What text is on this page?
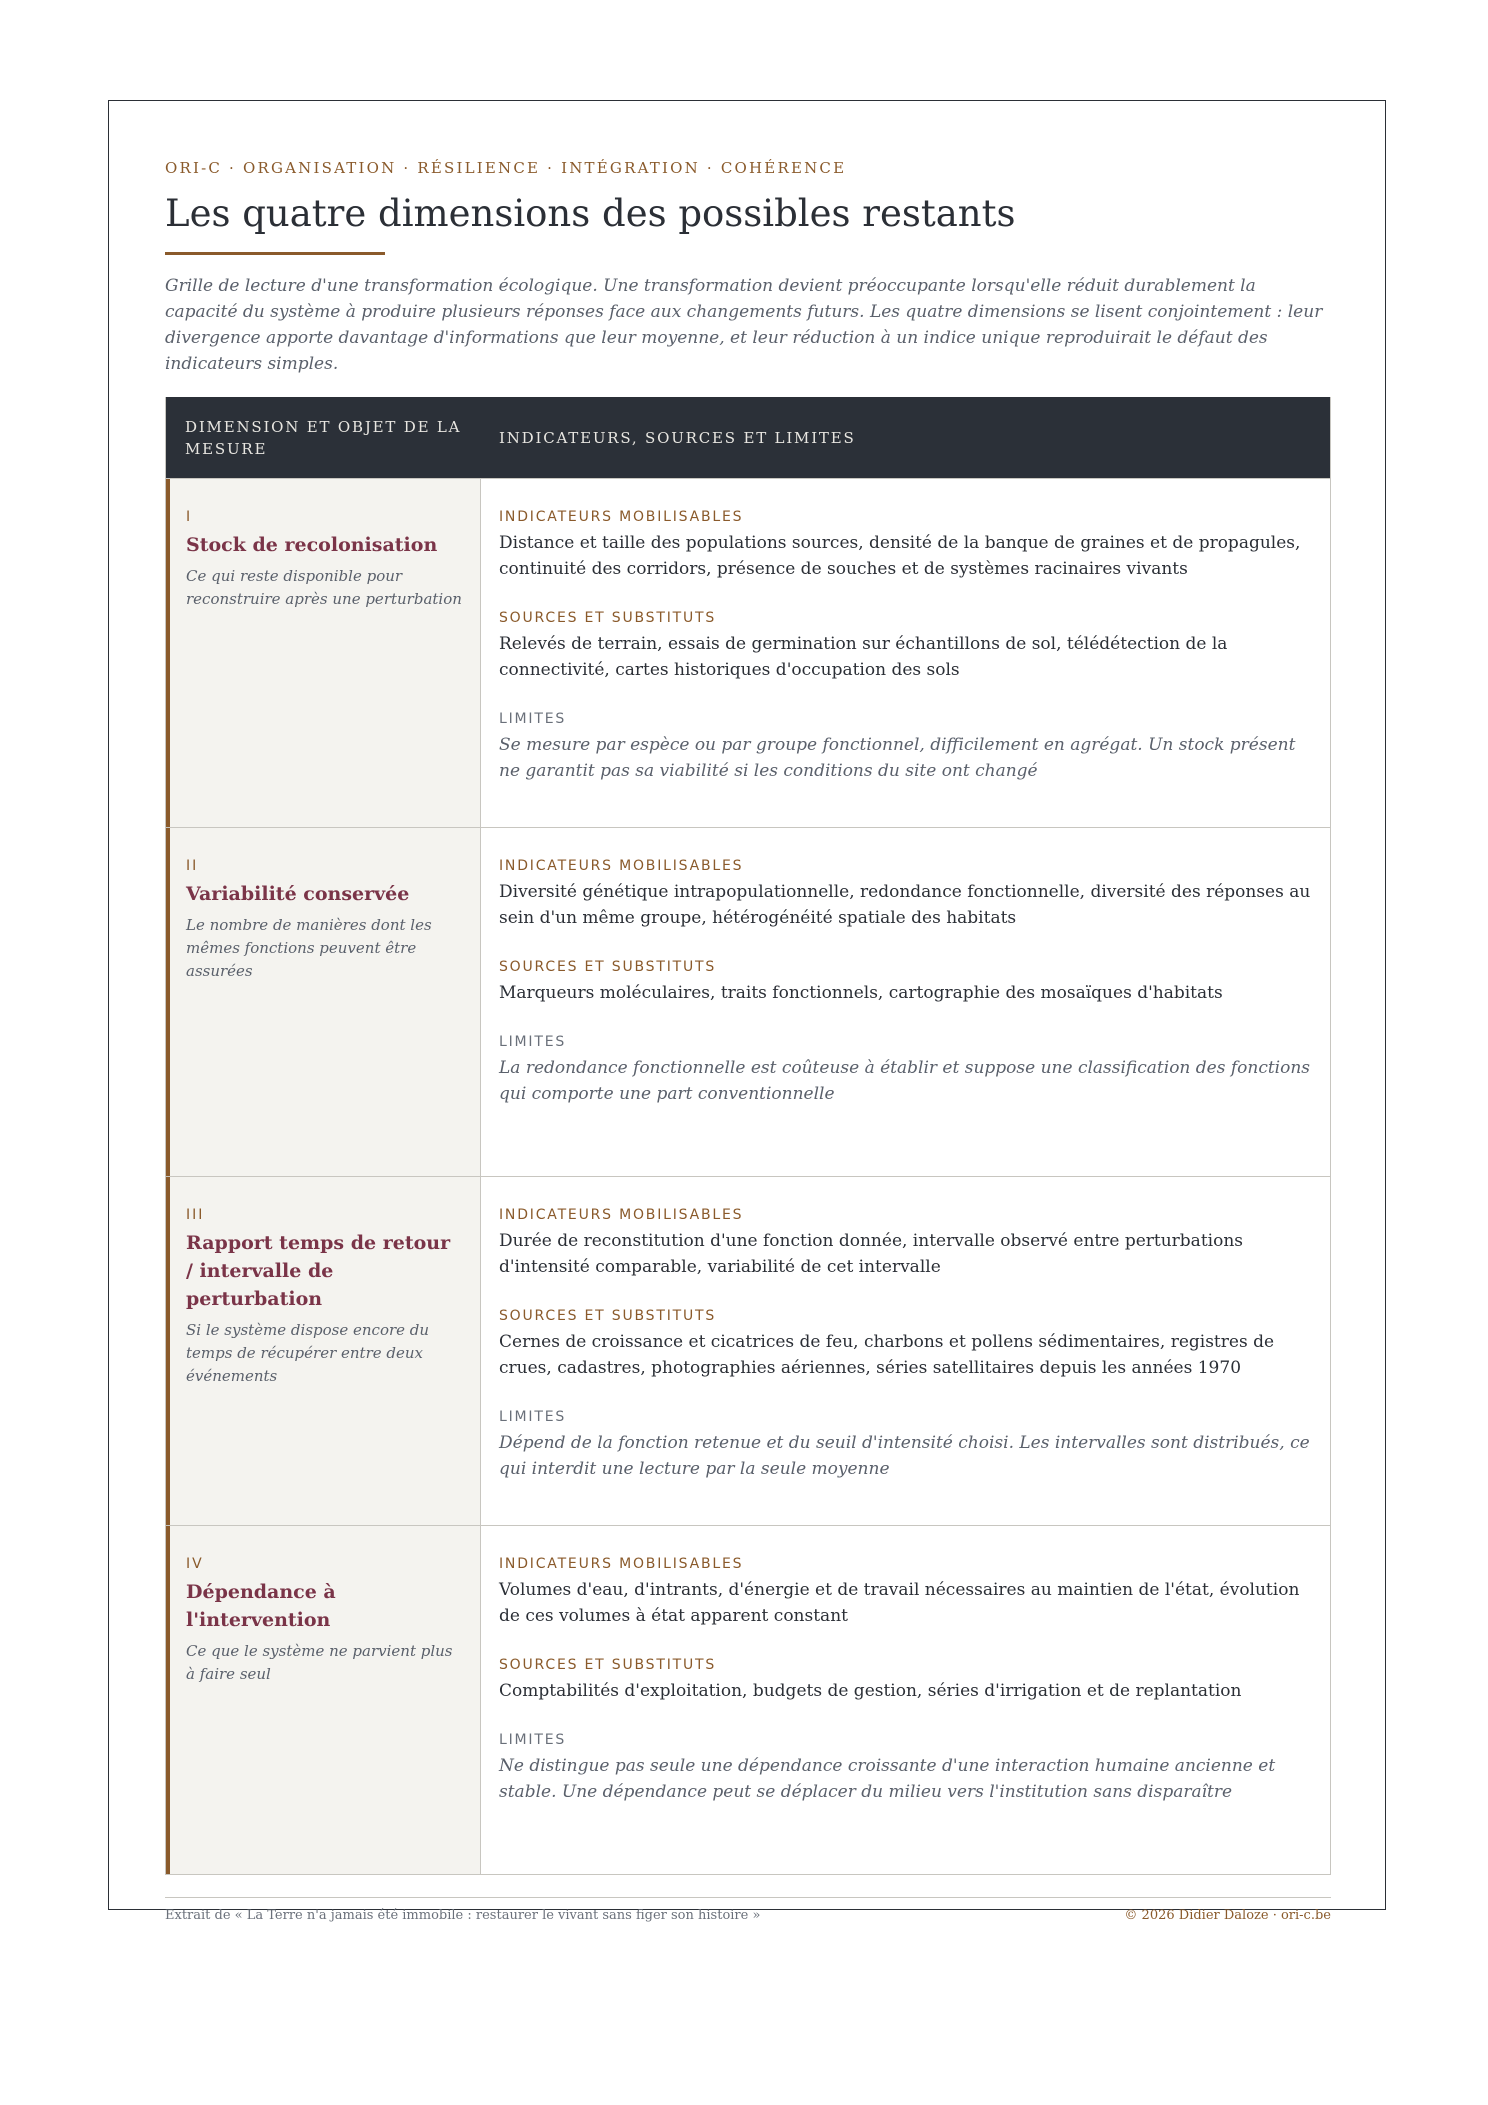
ORI-C · ORGANISATION · RÉSILIENCE · INTÉGRATION · COHÉRENCE

Les quatre dimensions des possibles restants

Grille de lecture d'une transformation écologique. Une transformation devient préoccupante lorsqu'elle réduit durablement la capacité du système à produire plusieurs réponses face aux changements futurs. Les quatre dimensions se lisent conjointement : leur divergence apporte davantage d'informations que leur moyenne, et leur réduction à un indice unique reproduirait le défaut des indicateurs simples.

DIMENSION ET OBJET DE LA MESURE
INDICATEURS, SOURCES ET LIMITES
I
Stock de recolonisation
Ce qui reste disponible pour reconstruire après une perturbation
INDICATEURS MOBILISABLES
Distance et taille des populations sources, densité de la banque de graines et de propagules, continuité des corridors, présence de souches et de systèmes racinaires vivants
SOURCES ET SUBSTITUTS
Relevés de terrain, essais de germination sur échantillons de sol, télédétection de la connectivité, cartes historiques d'occupation des sols
LIMITES
Se mesure par espèce ou par groupe fonctionnel, difficilement en agrégat. Un stock présent ne garantit pas sa viabilité si les conditions du site ont changé
II
Variabilité conservée
Le nombre de manières dont les mêmes fonctions peuvent être assurées
INDICATEURS MOBILISABLES
Diversité génétique intrapopulationnelle, redondance fonctionnelle, diversité des réponses au sein d'un même groupe, hétérogénéité spatiale des habitats
SOURCES ET SUBSTITUTS
Marqueurs moléculaires, traits fonctionnels, cartographie des mosaïques d'habitats
LIMITES
La redondance fonctionnelle est coûteuse à établir et suppose une classification des fonctions qui comporte une part conventionnelle
III
Rapport temps de retour / intervalle de perturbation
Si le système dispose encore du temps de récupérer entre deux événements
INDICATEURS MOBILISABLES
Durée de reconstitution d'une fonction donnée, intervalle observé entre perturbations d'intensité comparable, variabilité de cet intervalle
SOURCES ET SUBSTITUTS
Cernes de croissance et cicatrices de feu, charbons et pollens sédimentaires, registres de crues, cadastres, photographies aériennes, séries satellitaires depuis les années 1970
LIMITES
Dépend de la fonction retenue et du seuil d'intensité choisi. Les intervalles sont distribués, ce qui interdit une lecture par la seule moyenne
IV
Dépendance à l'intervention
Ce que le système ne parvient plus à faire seul
INDICATEURS MOBILISABLES
Volumes d'eau, d'intrants, d'énergie et de travail nécessaires au maintien de l'état, évolution de ces volumes à état apparent constant
SOURCES ET SUBSTITUTS
Comptabilités d'exploitation, budgets de gestion, séries d'irrigation et de replantation
LIMITES
Ne distingue pas seule une dépendance croissante d'une interaction humaine ancienne et stable. Une dépendance peut se déplacer du milieu vers l'institution sans disparaître
Extrait de « La Terre n'a jamais été immobile : restaurer le vivant sans figer son histoire »	© 2026 Didier Daloze · ori-c.be
